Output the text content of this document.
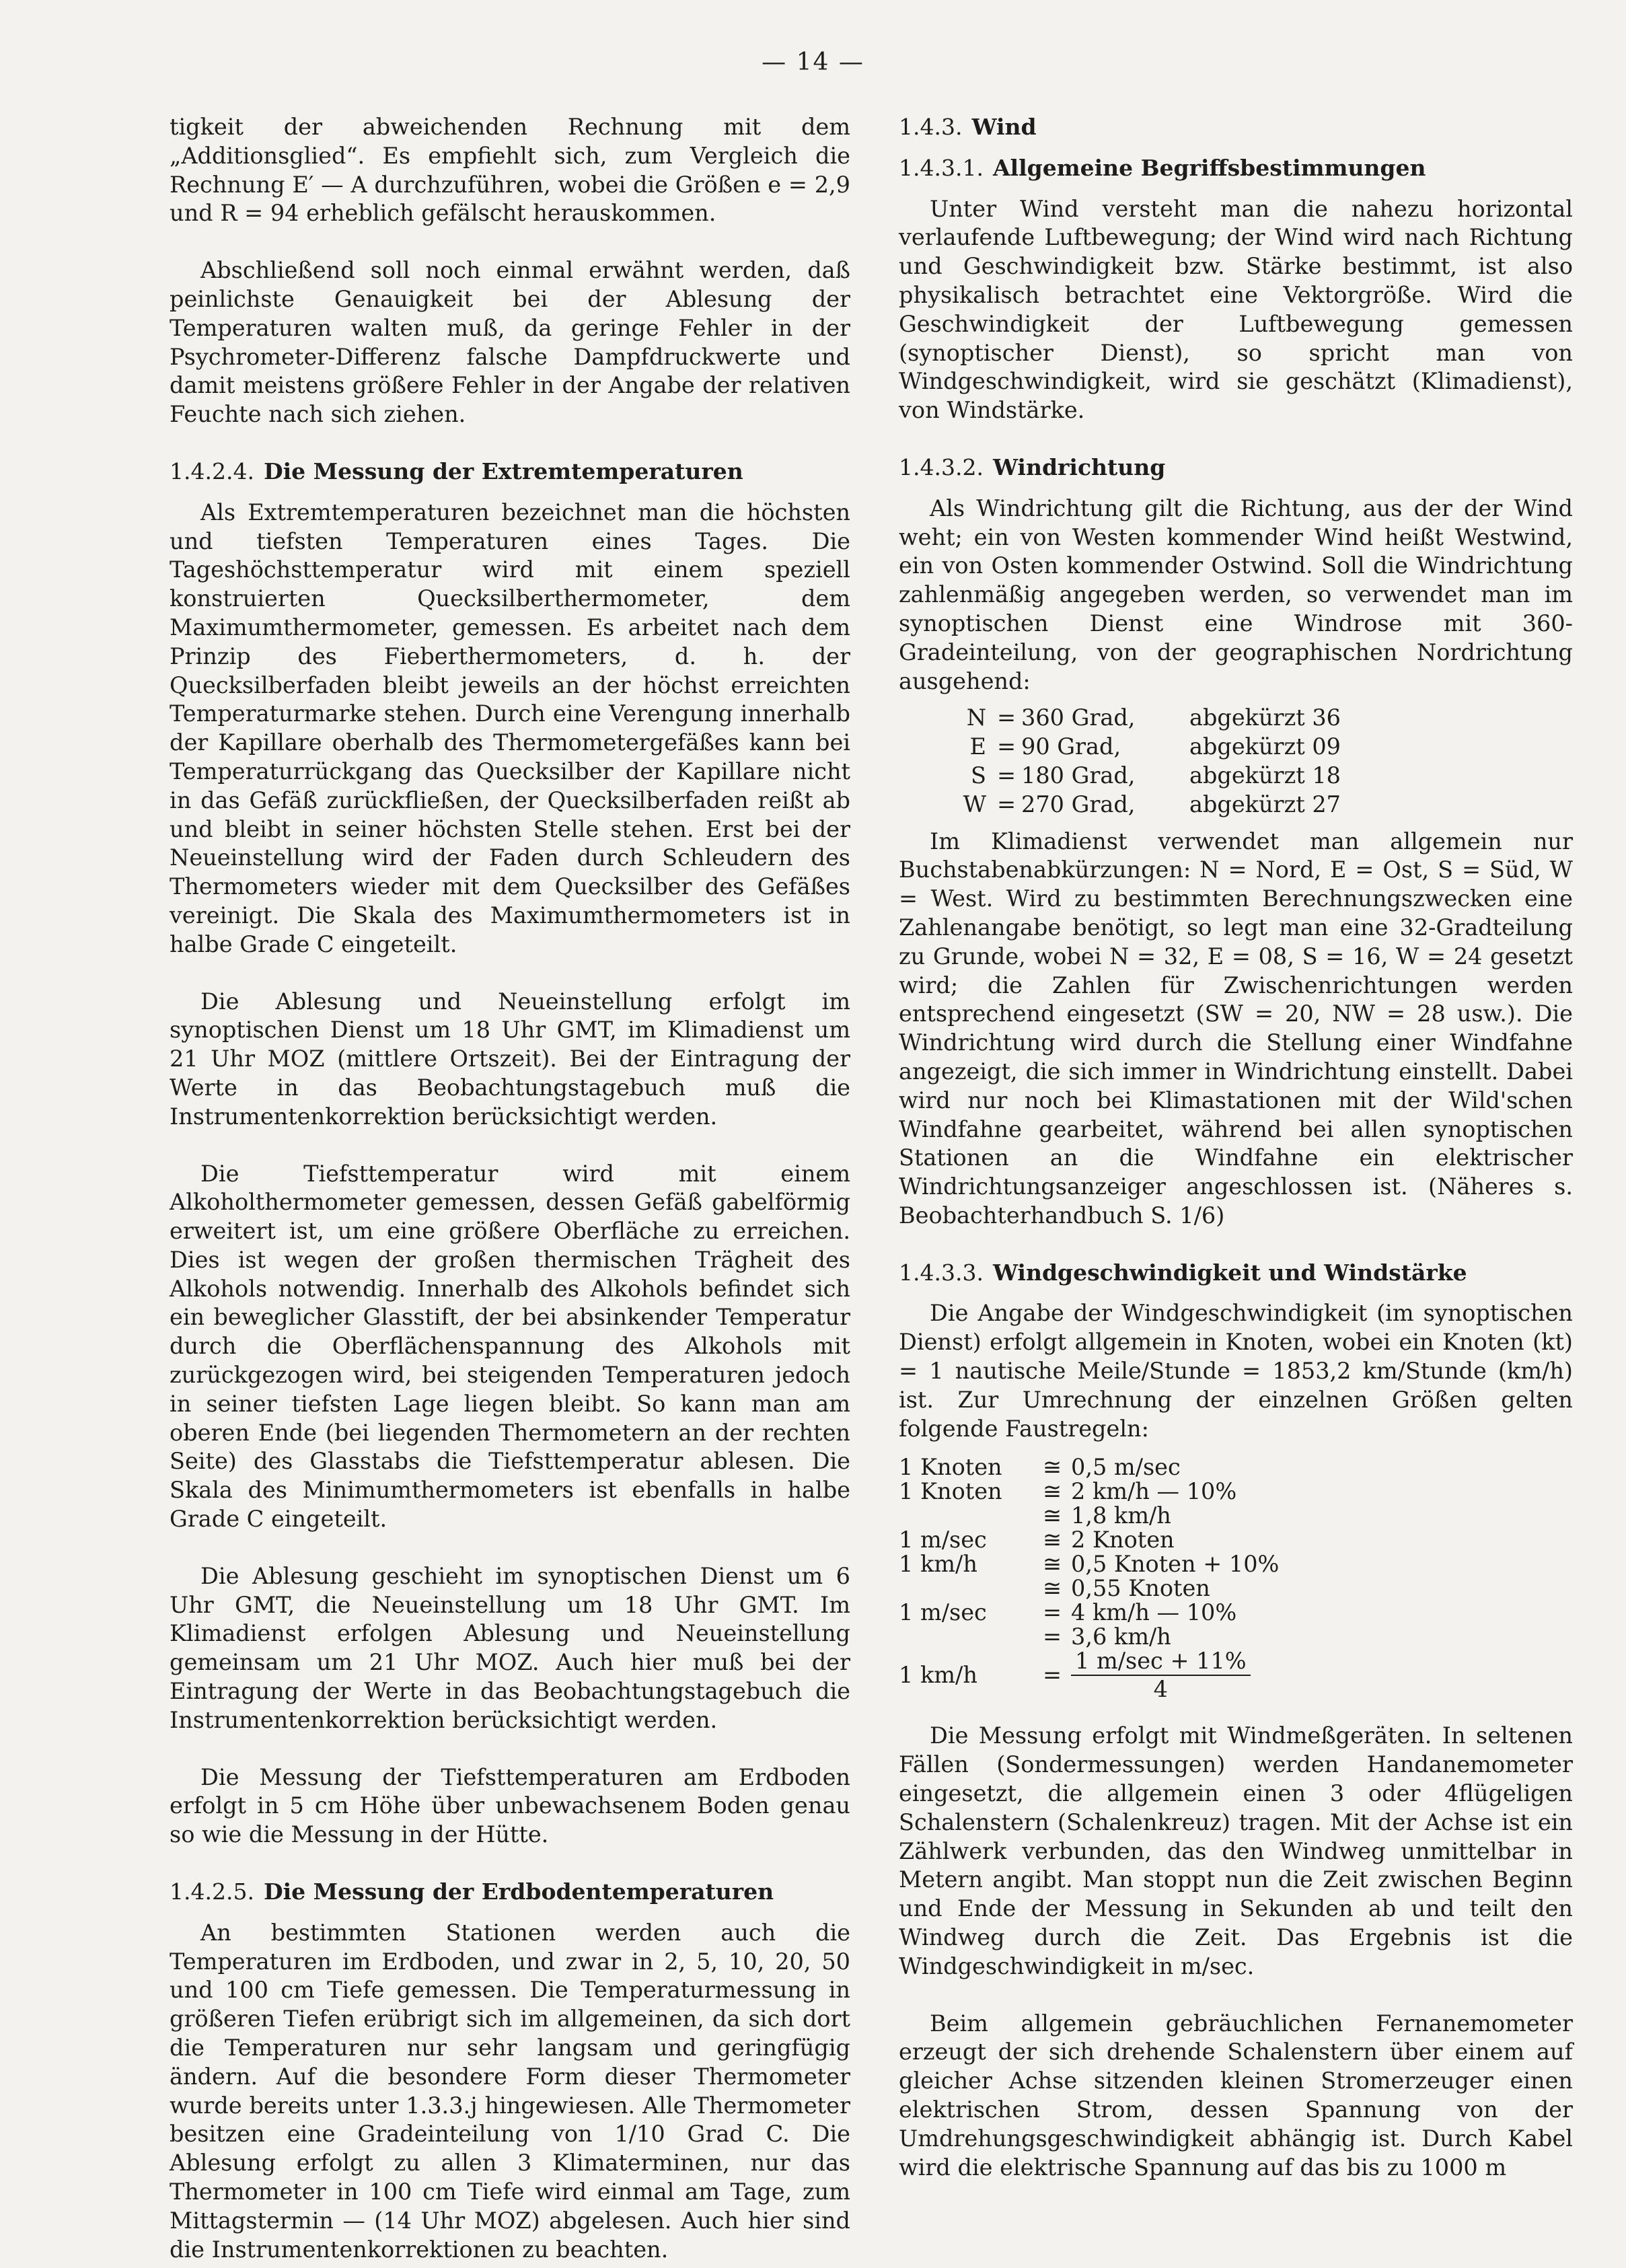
— 14 —

tigkeit der abweichenden Rechnung mit dem „Additionsglied“. Es empfiehlt sich, zum Vergleich die Rechnung E′ — A durchzuführen, wobei die Größen e = 2,9 und R = 94 erheblich gefälscht herauskommen.

Abschließend soll noch einmal erwähnt werden, daß peinlichste Genauigkeit bei der Ablesung der Temperaturen walten muß, da geringe Fehler in der Psychrometer-Differenz falsche Dampfdruckwerte und damit meistens größere Fehler in der Angabe der relativen Feuchte nach sich ziehen.

1.4.2.4. Die Messung der Extremtemperaturen

Als Extremtemperaturen bezeichnet man die höchsten und tiefsten Temperaturen eines Tages. Die Tageshöchsttemperatur wird mit einem speziell konstruierten Quecksilberthermometer, dem Maximumthermometer, gemessen. Es arbeitet nach dem Prinzip des Fieberthermometers, d. h. der Quecksilberfaden bleibt jeweils an der höchst erreichten Temperaturmarke stehen. Durch eine Verengung innerhalb der Kapillare oberhalb des Thermometergefäßes kann bei Temperaturrückgang das Quecksilber der Kapillare nicht in das Gefäß zurückfließen, der Quecksilberfaden reißt ab und bleibt in seiner höchsten Stelle stehen. Erst bei der Neueinstellung wird der Faden durch Schleudern des Thermometers wieder mit dem Quecksilber des Gefäßes vereinigt. Die Skala des Maximumthermometers ist in halbe Grade C eingeteilt.

Die Ablesung und Neueinstellung erfolgt im synoptischen Dienst um 18 Uhr GMT, im Klimadienst um 21 Uhr MOZ (mittlere Ortszeit). Bei der Eintragung der Werte in das Beobachtungstagebuch muß die Instrumentenkorrektion berücksichtigt werden.

Die Tiefsttemperatur wird mit einem Alkoholthermometer gemessen, dessen Gefäß gabelförmig erweitert ist, um eine größere Oberfläche zu erreichen. Dies ist wegen der großen thermischen Trägheit des Alkohols notwendig. Innerhalb des Alkohols befindet sich ein beweglicher Glasstift, der bei absinkender Temperatur durch die Oberflächenspannung des Alkohols mit zurückgezogen wird, bei steigenden Temperaturen jedoch in seiner tiefsten Lage liegen bleibt. So kann man am oberen Ende (bei liegenden Thermometern an der rechten Seite) des Glasstabs die Tiefsttemperatur ablesen. Die Skala des Minimumthermometers ist ebenfalls in halbe Grade C eingeteilt.

Die Ablesung geschieht im synoptischen Dienst um 6 Uhr GMT, die Neueinstellung um 18 Uhr GMT. Im Klimadienst erfolgen Ablesung und Neueinstellung gemeinsam um 21 Uhr MOZ. Auch hier muß bei der Eintragung der Werte in das Beobachtungstagebuch die Instrumentenkorrektion berücksichtigt werden.

Die Messung der Tiefsttemperaturen am Erdboden erfolgt in 5 cm Höhe über unbewachsenem Boden genau so wie die Messung in der Hütte.

1.4.2.5. Die Messung der Erdbodentemperaturen

An bestimmten Stationen werden auch die Temperaturen im Erdboden, und zwar in 2, 5, 10, 20, 50 und 100 cm Tiefe gemessen. Die Temperaturmessung in größeren Tiefen erübrigt sich im allgemeinen, da sich dort die Temperaturen nur sehr langsam und geringfügig ändern. Auf die besondere Form dieser Thermometer wurde bereits unter 1.3.3.j hingewiesen. Alle Thermometer besitzen eine Gradeinteilung von 1/10 Grad C. Die Ablesung erfolgt zu allen 3 Klimaterminen, nur das Thermometer in 100 cm Tiefe wird einmal am Tage, zum Mittagstermin — (14 Uhr MOZ) abgelesen. Auch hier sind die Instrumentenkorrektionen zu beachten.

1.4.3. Wind
1.4.3.1. Allgemeine Begriffsbestimmungen

Unter Wind versteht man die nahezu horizontal verlaufende Luftbewegung; der Wind wird nach Richtung und Geschwindigkeit bzw. Stärke bestimmt, ist also physikalisch betrachtet eine Vektorgröße. Wird die Geschwindigkeit der Luftbewegung gemessen (synoptischer Dienst), so spricht man von Windgeschwindigkeit, wird sie geschätzt (Klimadienst), von Windstärke.

1.4.3.2. Windrichtung

Als Windrichtung gilt die Richtung, aus der der Wind weht; ein von Westen kommender Wind heißt Westwind, ein von Osten kommender Ostwind. Soll die Windrichtung zahlenmäßig angegeben werden, so verwendet man im synoptischen Dienst eine Windrose mit 360-Gradeinteilung, von der geographischen Nordrichtung ausgehend:

N	=	360 Grad,	abgekürzt 36
E	=	90 Grad,	abgekürzt 09
S	=	180 Grad,	abgekürzt 18
W	=	270 Grad,	abgekürzt 27

Im Klimadienst verwendet man allgemein nur Buchstabenabkürzungen: N = Nord, E = Ost, S = Süd, W = West. Wird zu bestimmten Berechnungszwecken eine Zahlenangabe benötigt, so legt man eine 32-Gradteilung zu Grunde, wobei N = 32, E = 08, S = 16, W = 24 gesetzt wird; die Zahlen für Zwischenrichtungen werden entsprechend eingesetzt (SW = 20, NW = 28 usw.). Die Windrichtung wird durch die Stellung einer Windfahne angezeigt, die sich immer in Windrichtung einstellt. Dabei wird nur noch bei Klimastationen mit der Wild'schen Windfahne gearbeitet, während bei allen synoptischen Stationen an die Windfahne ein elektrischer Windrichtungsanzeiger angeschlossen ist. (Näheres s. Beobachterhandbuch S. 1/6)

1.4.3.3. Windgeschwindigkeit und Windstärke

Die Angabe der Windgeschwindigkeit (im synoptischen Dienst) erfolgt allgemein in Knoten, wobei ein Knoten (kt) = 1 nautische Meile/Stunde = 1853,2 km/Stunde (km/h) ist. Zur Umrechnung der einzelnen Größen gelten folgende Faustregeln:

1 Knoten	≅	0,5 m/sec
1 Knoten	≅	2 km/h — 10%
	≅	1,8 km/h
1 m/sec	≅	2 Knoten
1 km/h	≅	0,5 Knoten + 10%
	≅	0,55 Knoten
1 m/sec	=	4 km/h — 10%
	=	3,6 km/h
1 km/h	=	$\frac{1 m/\sec + 11\%}{4}$

Die Messung erfolgt mit Windmeßgeräten. In seltenen Fällen (Sondermessungen) werden Handanemometer eingesetzt, die allgemein einen 3 oder 4flügeligen Schalenstern (Schalenkreuz) tragen. Mit der Achse ist ein Zählwerk verbunden, das den Windweg unmittelbar in Metern angibt. Man stoppt nun die Zeit zwischen Beginn und Ende der Messung in Sekunden ab und teilt den Windweg durch die Zeit. Das Ergebnis ist die Windgeschwindigkeit in m/sec.

Beim allgemein gebräuchlichen Fernanemometer erzeugt der sich drehende Schalenstern über einem auf gleicher Achse sitzenden kleinen Stromerzeuger einen elektrischen Strom, dessen Spannung von der Umdrehungsgeschwindigkeit abhängig ist. Durch Kabel wird die elektrische Spannung auf das bis zu 1000 m
